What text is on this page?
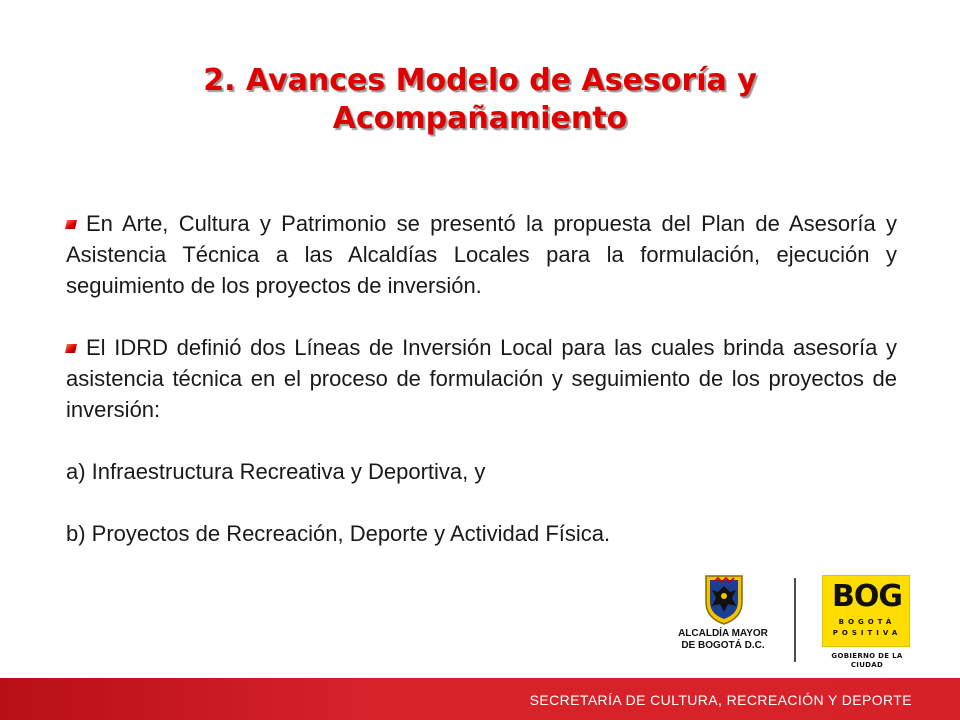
2. Avances Modelo de Asesoría y
Acompañamiento

En Arte, Cultura y Patrimonio se presentó la propuesta del Plan de Asesoría y Asistencia Técnica a las Alcaldías Locales para la formulación, ejecución y seguimiento de los proyectos de inversión.

El IDRD definió dos Líneas de Inversión Local para las cuales brinda asesoría y asistencia técnica en el proceso de formulación y seguimiento de los proyectos de inversión:

a) Infraestructura Recreativa y Deportiva, y

b) Proyectos de Recreación, Deporte y Actividad Física.

ALCALDÍA MAYOR
DE BOGOTÁ D.C.
BOG
BOGOTÁ
POSITIVA
GOBIERNO DE LA CIUDAD
SECRETARÍA DE CULTURA, RECREACIÓN Y DEPORTE
